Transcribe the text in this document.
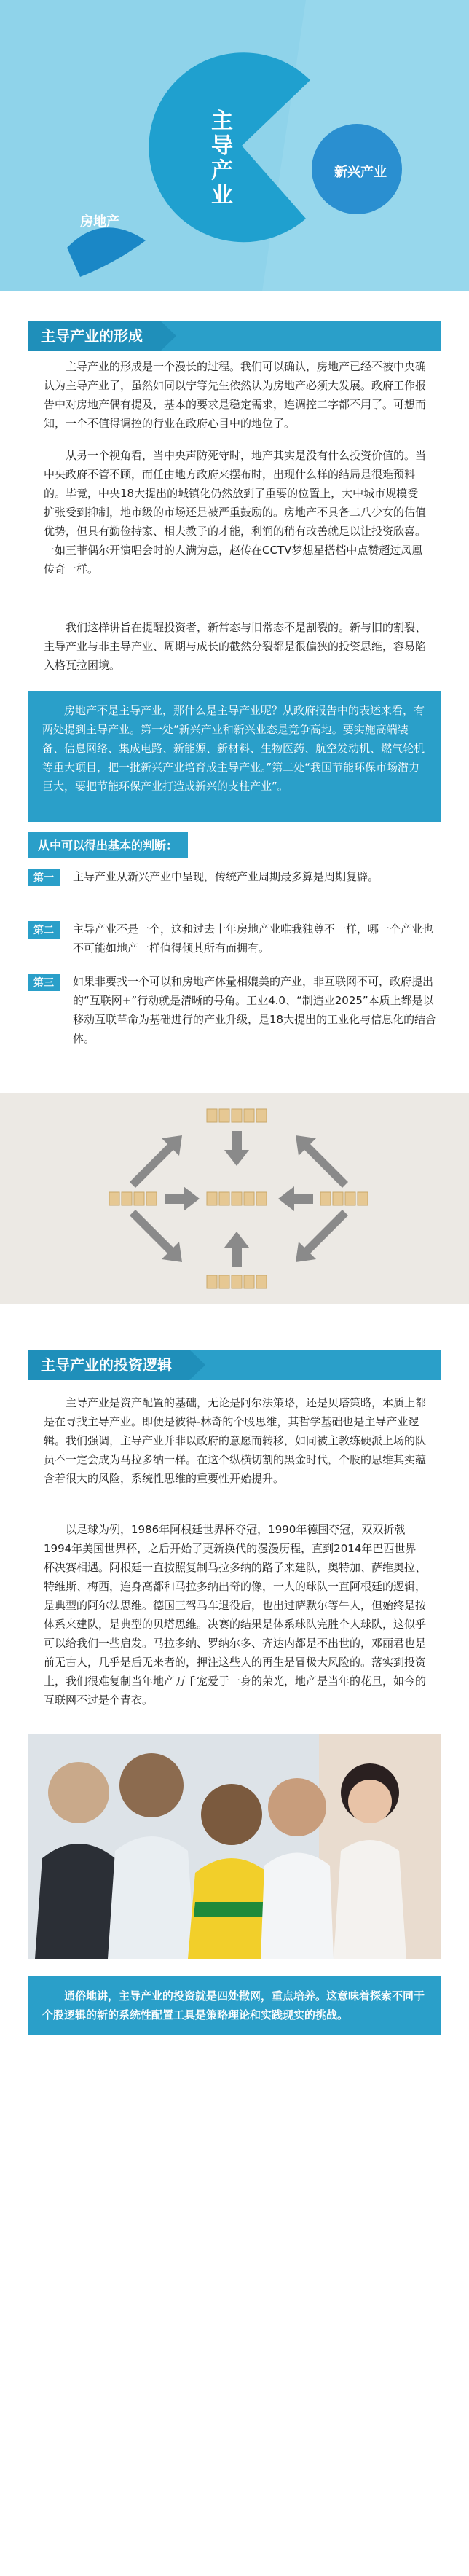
主导产业
新兴产业
房地产
主导产业的形成

主导产业的形成是一个漫长的过程。我们可以确认，房地产已经不被中央确认为主导产业了，虽然如同以宁等先生依然认为房地产必须大发展。政府工作报告中对房地产偶有提及，基本的要求是稳定需求，连调控二字都不用了。可想而知，一个不值得调控的行业在政府心目中的地位了。

从另一个视角看，当中央声防死守时，地产其实是没有什么投资价值的。当中央政府不管不顾，而任由地方政府来摆布时，出现什么样的结局是很难预料的。毕竟，中央18大提出的城镇化仍然放到了重要的位置上，大中城市规模受扩张受到抑制，地市级的市场还是被严重鼓励的。房地产不具备二八少女的估值优势，但具有勤俭持家、相夫教子的才能，利润的稍有改善就足以让投资欣喜。一如王菲偶尔开演唱会时的人满为患，赵传在CCTV梦想星搭档中点赞超过凤凰传奇一样。

我们这样讲旨在提醒投资者，新常态与旧常态不是割裂的。新与旧的割裂、主导产业与非主导产业、周期与成长的截然分裂都是很偏狭的投资思维，容易陷入格瓦拉困境。

房地产不是主导产业，那什么是主导产业呢？从政府报告中的表述来看，有两处提到主导产业。第一处“新兴产业和新兴业态是竞争高地。要实施高端装备、信息网络、集成电路、新能源、新材料、生物医药、航空发动机、燃气轮机等重大项目，把一批新兴产业培育成主导产业。”第二处“我国节能环保市场潜力巨大，要把节能环保产业打造成新兴的支柱产业”。
从中可以得出基本的判断：
第一	主导产业从新兴产业中呈现，传统产业周期最多算是周期复辟。
第二	主导产业不是一个，这和过去十年房地产业唯我独尊不一样，哪一个产业也不可能如地产一样值得倾其所有而拥有。
第三	如果非要找一个可以和房地产体量相媲美的产业，非互联网不可，政府提出的“互联网+”行动就是清晰的号角。工业4.0、“制造业2025”本质上都是以移动互联革命为基础进行的产业升级，是18大提出的工业化与信息化的结合体。
主导产业的投资逻辑

主导产业是资产配置的基础，无论是阿尔法策略，还是贝塔策略，本质上都是在寻找主导产业。即便是彼得-林奇的个股思维，其哲学基础也是主导产业逻辑。我们强调，主导产业并非以政府的意愿而转移，如同被主教练硬派上场的队员不一定会成为马拉多纳一样。在这个纵横切割的黑金时代，个股的思维其实蕴含着很大的风险，系统性思维的重要性开始提升。

以足球为例，1986年阿根廷世界杯夺冠，1990年德国夺冠，双双折戟1994年美国世界杯，之后开始了更新换代的漫漫历程，直到2014年巴西世界杯决赛相遇。阿根廷一直按照复制马拉多纳的路子来建队，奥特加、萨维奥拉、特维斯、梅西，连身高都和马拉多纳出奇的像，一人的球队一直阿根廷的逻辑，是典型的阿尔法思维。德国三驾马车退役后，也出过萨默尔等牛人，但始终是按体系来建队，是典型的贝塔思维。决赛的结果是体系球队完胜个人球队，这似乎可以给我们一些启发。马拉多纳、罗纳尔多、齐达内都是不出世的，邓丽君也是前无古人，几乎是后无来者的，押注这些人的再生是冒极大风险的。落实到投资上，我们很难复制当年地产万千宠爱于一身的荣光，地产是当年的花旦，如今的互联网不过是个青衣。

通俗地讲，主导产业的投资就是四处撒网，重点培养。这意味着探索不同于个股逻辑的新的系统性配置工具是策略理论和实践现实的挑战。
